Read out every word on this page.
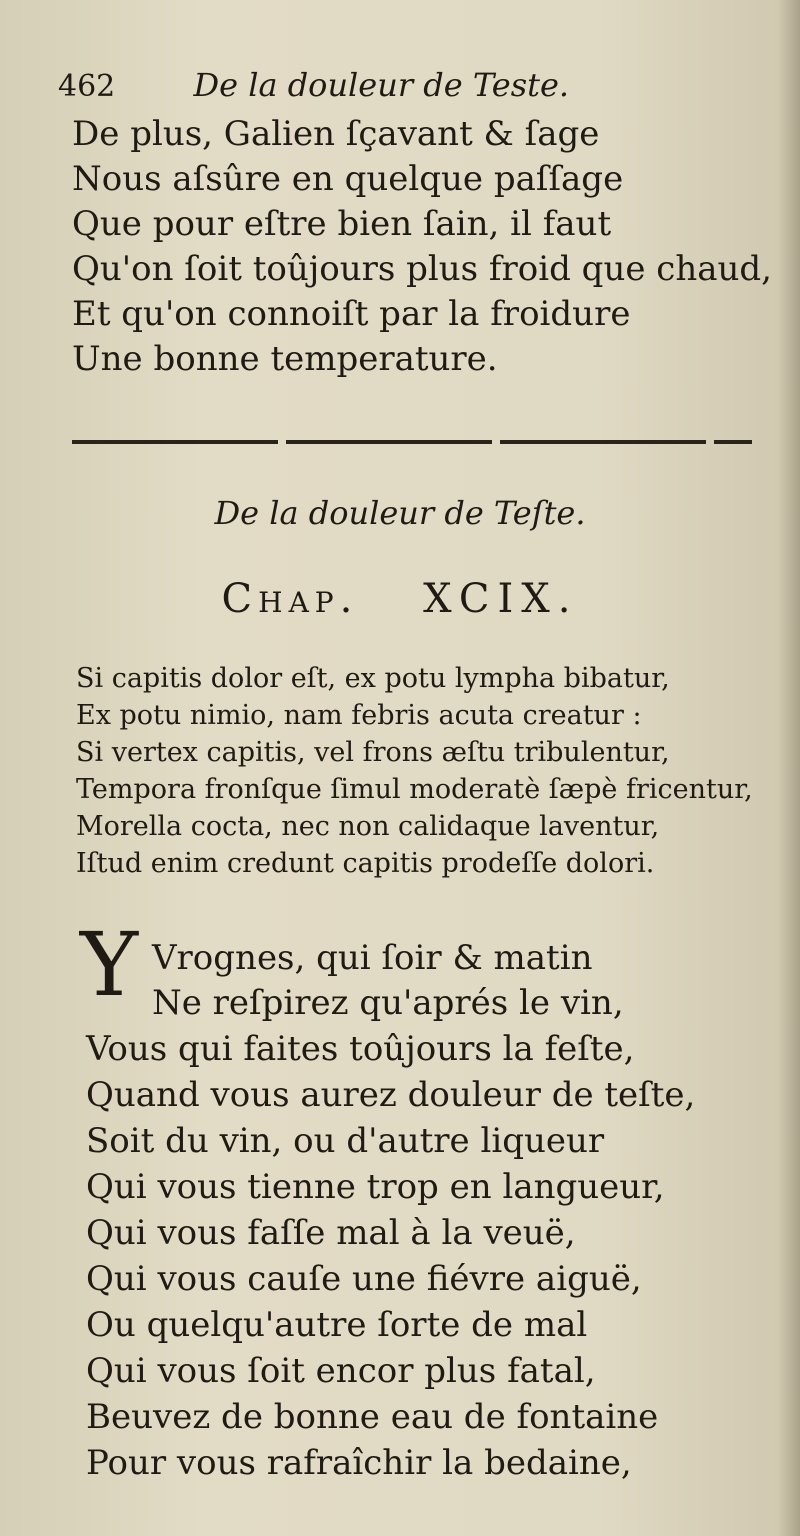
462 De la douleur de Teste.
De plus, Galien ſçavant & ſage
Nous aſsûre en quelque paſſage
Que pour eſtre bien ſain, il faut
Qu'on ſoit toûjours plus froid que chaud,
Et qu'on connoiſt par la froidure
Une bonne temperature.
De la douleur de Teſte.
Chap. XCIX.
Si capitis dolor eſt, ex potu lympha bibatur,
Ex potu nimio, nam febris acuta creatur :
Si vertex capitis, vel frons æſtu tribulentur,
Tempora fronſque ſimul moderatè ſæpè fricentur,
Morella cocta, nec non calidaque laventur,
Iſtud enim credunt capitis prodeſſe dolori.
Y Vrognes, qui ſoir & matin
Ne reſpirez qu'aprés le vin,
Vous qui faites toûjours la feſte,
Quand vous aurez douleur de teſte,
Soit du vin, ou d'autre liqueur
Qui vous tienne trop en langueur,
Qui vous faſſe mal à la veuë,
Qui vous cauſe une fiévre aiguë,
Ou quelqu'autre ſorte de mal
Qui vous ſoit encor plus fatal,
Beuvez de bonne eau de fontaine
Pour vous rafraîchir la bedaine,
